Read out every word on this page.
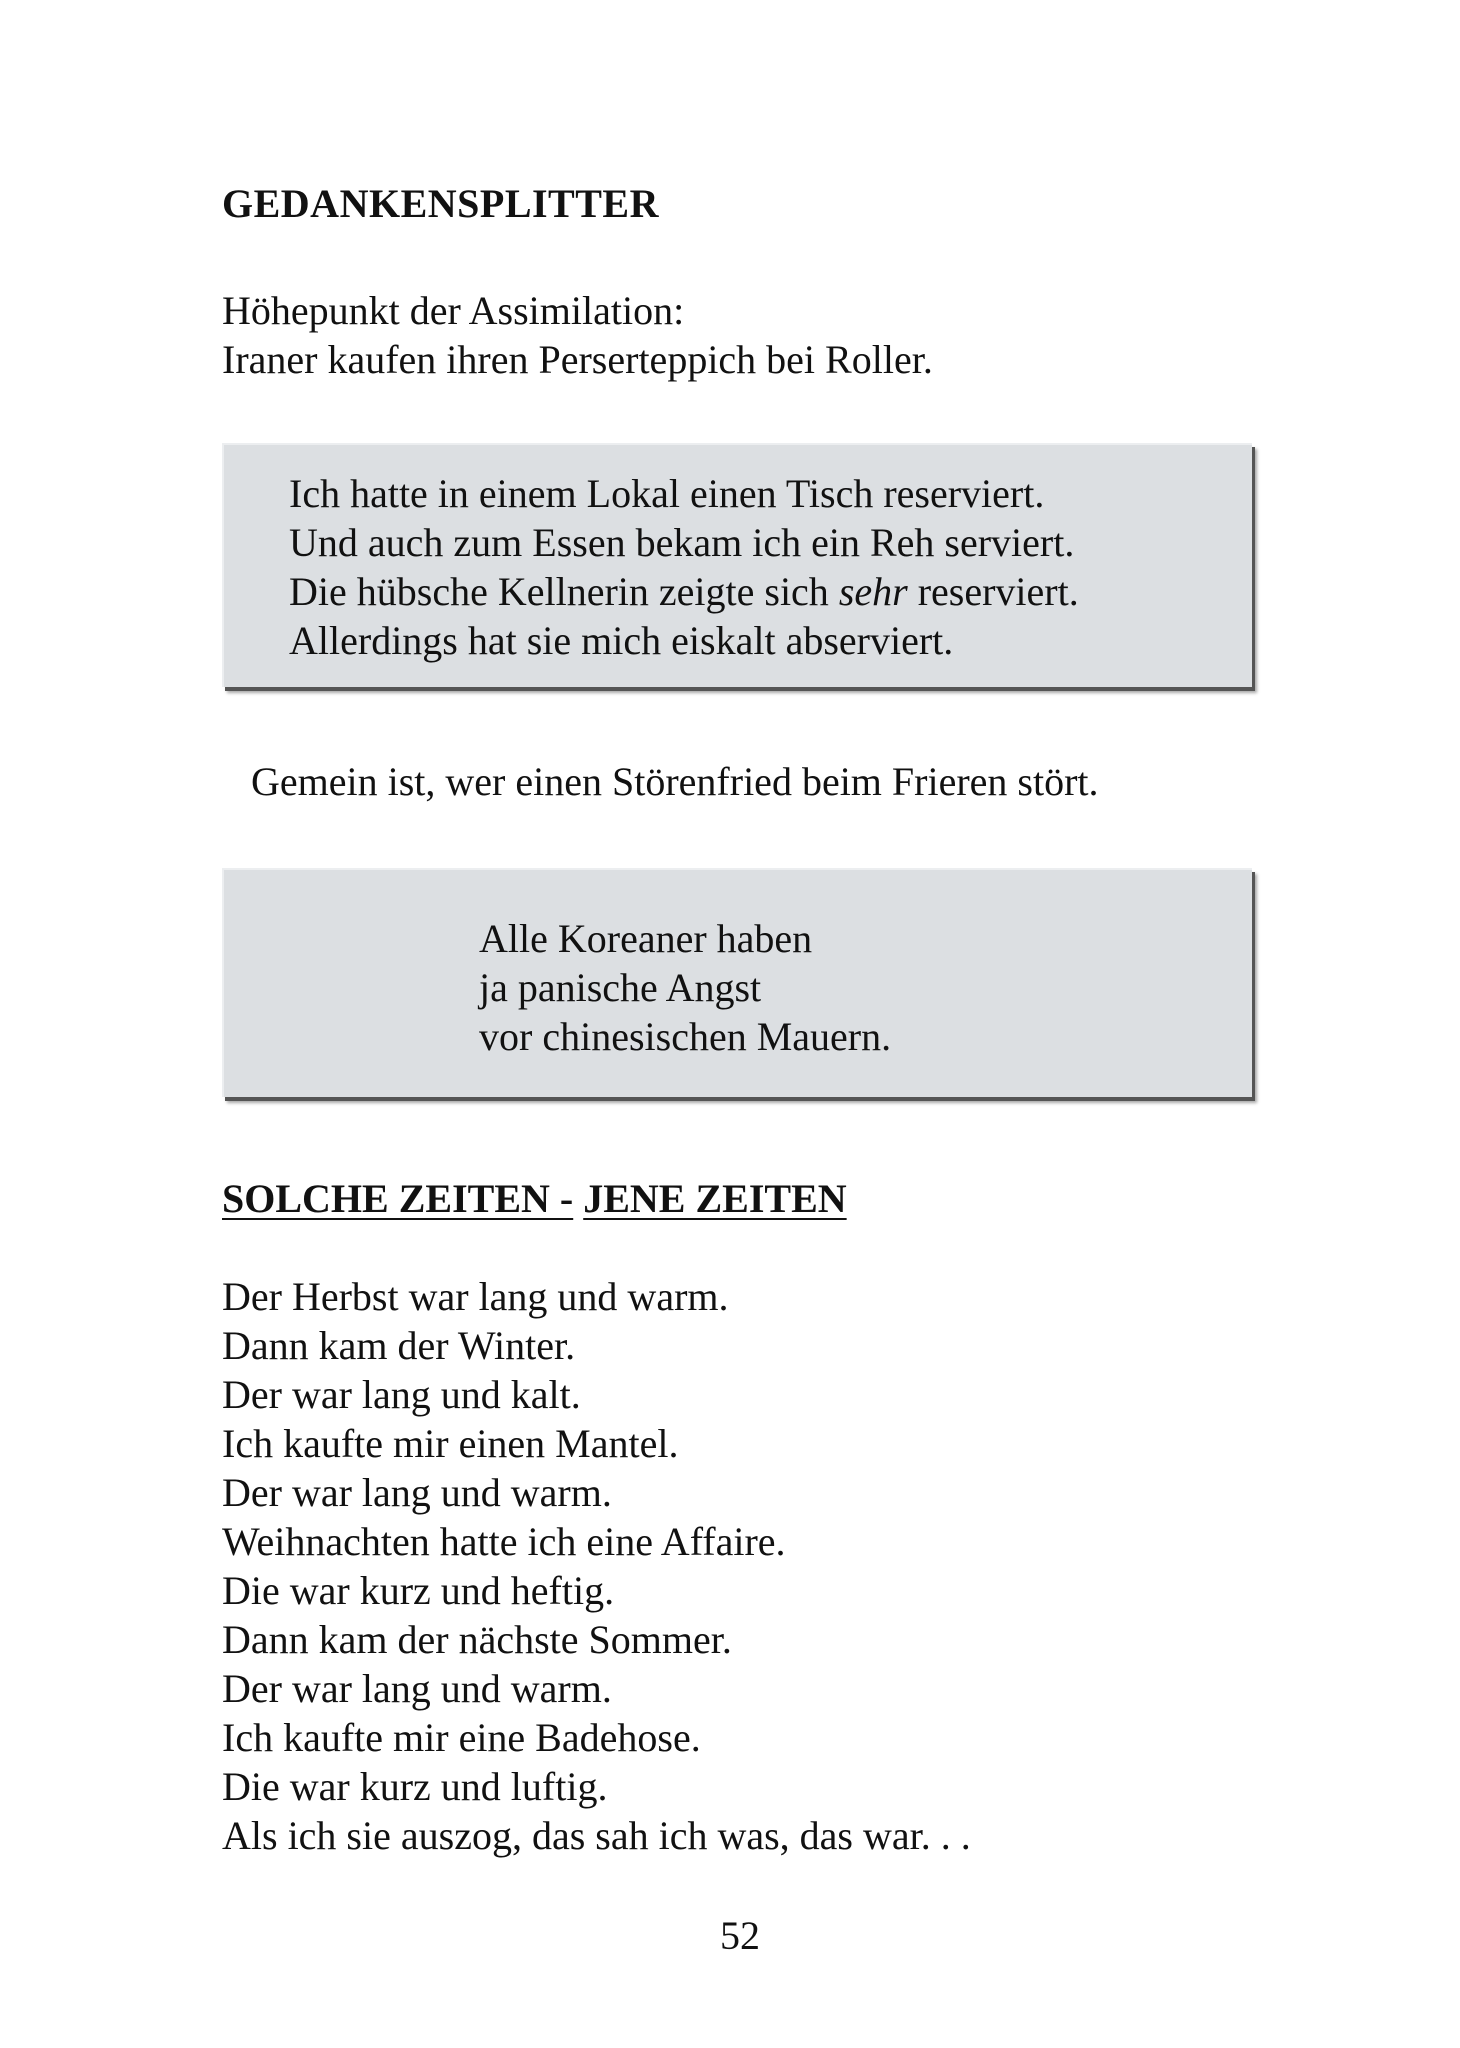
GEDANKENSPLITTER
Höhepunkt der Assimilation:
Iraner kaufen ihren Perserteppich bei Roller.
Ich hatte in einem Lokal einen Tisch reserviert.
Und auch zum Essen bekam ich ein Reh serviert.
Die hübsche Kellnerin zeigte sich sehr reserviert.
Allerdings hat sie mich eiskalt abserviert.

Gemein ist, wer einen Störenfried beim Frieren stört.

Alle Koreaner haben
ja panische Angst
vor chinesischen Mauern.
SOLCHE ZEITEN - JENE ZEITEN
Der Herbst war lang und warm.
Dann kam der Winter.
Der war lang und kalt.
Ich kaufte mir einen Mantel.
Der war lang und warm.
Weihnachten hatte ich eine Affaire.
Die war kurz und heftig.
Dann kam der nächste Sommer.
Der war lang und warm.
Ich kaufte mir eine Badehose.
Die war kurz und luftig.
Als ich sie auszog, das sah ich was, das war. . .

52
